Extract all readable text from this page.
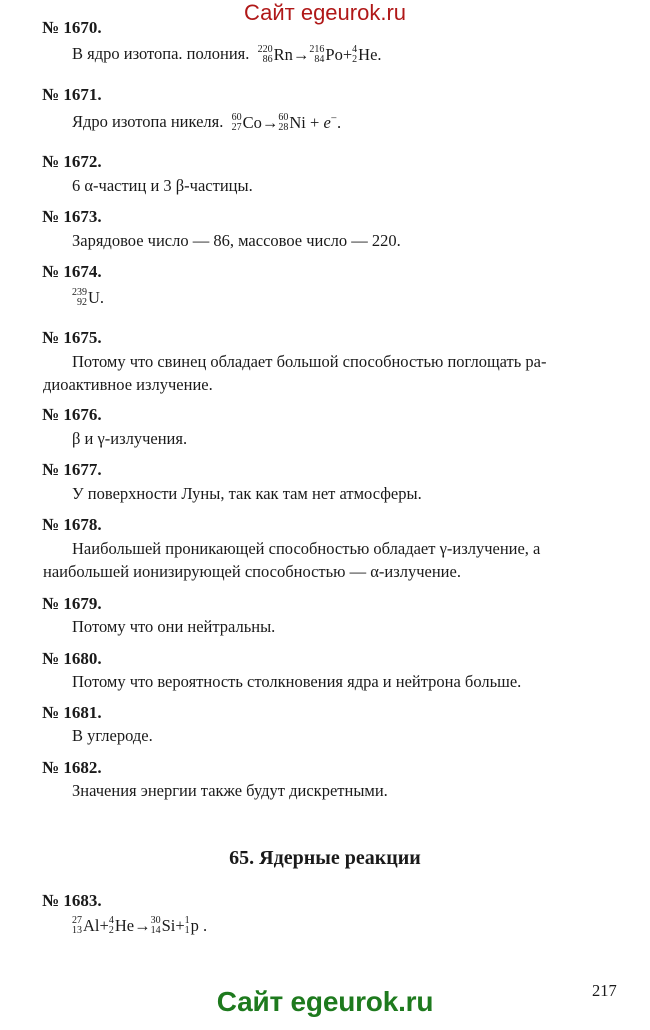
Сайт egeurok.ru
№ 1670.
В ядро изотопа. полония. 220
86 Rn→ 216
84 Po+ 4
2 He.
№ 1671.
Ядро изотопа никеля. 60
27 Co→ 60
28 Ni + e−.
№ 1672.
6 α-частиц и 3 β-частицы.
№ 1673.
Зарядовое число — 86, массовое число — 220.
№ 1674.
239
92 U.
№ 1675.
Потому что свинец обладает большой способностью поглощать ра-
диоактивное излучение.
№ 1676.
β и γ-излучения.
№ 1677.
У поверхности Луны, так как там нет атмосферы.
№ 1678.
Наибольшей проникающей способностью обладает γ-излучение, а
наибольшей ионизирующей способностью — α-излучение.
№ 1679.
Потому что они нейтральны.
№ 1680.
Потому что вероятность столкновения ядра и нейтрона больше.
№ 1681.
В углероде.
№ 1682.
Значения энергии также будут дискретными.
65. Ядерные реакции
№ 1683.
27
13 Al+ 4
2 He→ 30
14 Si+ 1
1 p .
217
Сайт egeurok.ru
